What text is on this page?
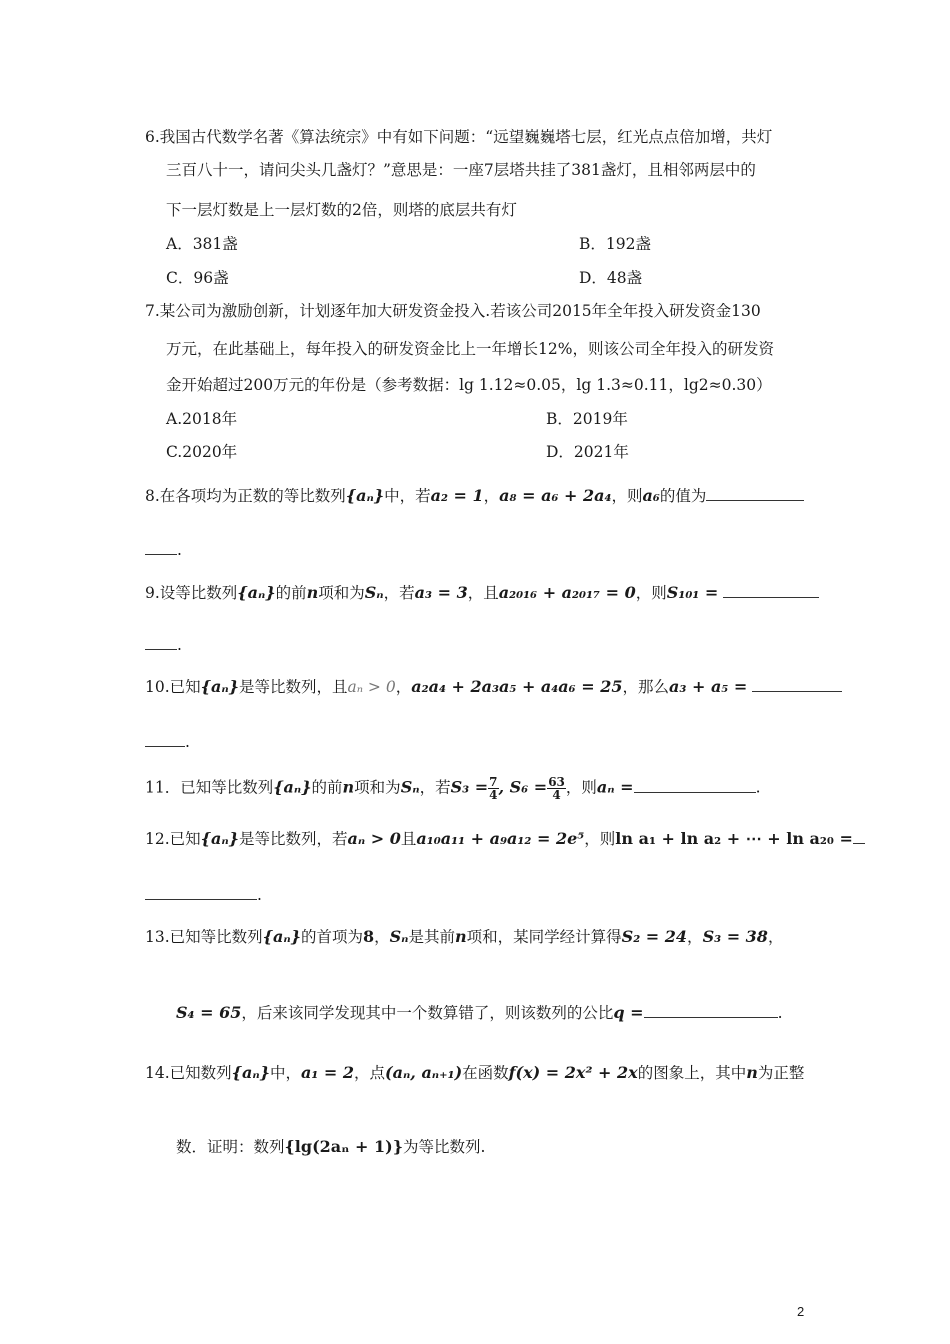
6.我国古代数学名著《算法统宗》中有如下问题：“远望巍巍塔七层，红光点点倍加增，共灯
三百八十一，请问尖头几盏灯？”意思是：一座7层塔共挂了381盏灯，且相邻两层中的
下一层灯数是上一层灯数的2倍，则塔的底层共有灯
A．381盏	B．192盏
C．96盏	D．48盏
7.某公司为激励创新，计划逐年加大研发资金投入.若该公司2015年全年投入研发资金130
万元，在此基础上，每年投入的研发资金比上一年增长12%，则该公司全年投入的研发资
金开始超过200万元的年份是（参考数据：lg 1.12≈0.05，lg 1.3≈0.11，lg2≈0.30）
A.2018年	B．2019年
C.2020年	D．2021年
8.在各项均为正数的等比数列{aₙ}中，若a₂ = 1，a₈ = a₆ + 2a₄，则a₆的值为
.
9.设等比数列{aₙ}的前n项和为Sₙ，若a₃ = 3，且a₂₀₁₆ + a₂₀₁₇ = 0，则S₁₀₁ =
.
10.已知{aₙ}是等比数列，且aₙ > 0，a₂a₄ + 2a₃a₅ + a₄a₆ = 25，那么a₃ + a₅ =
.
11．已知等比数列{aₙ}的前n项和为Sₙ，若$S_3 = \frac{7}{4}$ , $S_6 = \frac{63}{4}$ ，则aₙ =	.
12.已知{aₙ}是等比数列，若aₙ > 0且a₁₀a₁₁ + a₉a₁₂ = 2e⁵，则ln a₁ + ln a₂ + ⋯ + ln a₂₀ =
.
13.已知等比数列{aₙ}的首项为8，Sₙ是其前n项和，某同学经计算得S₂ = 24，S₃ = 38，
S₄ = 65，后来该同学发现其中一个数算错了，则该数列的公比q =	.
14.已知数列{aₙ}中，a₁ = 2，点(aₙ, aₙ₊₁)在函数f(x) = 2x² + 2x的图象上，其中n为正整
数．证明：数列{lg(2aₙ + 1)}为等比数列.
2
